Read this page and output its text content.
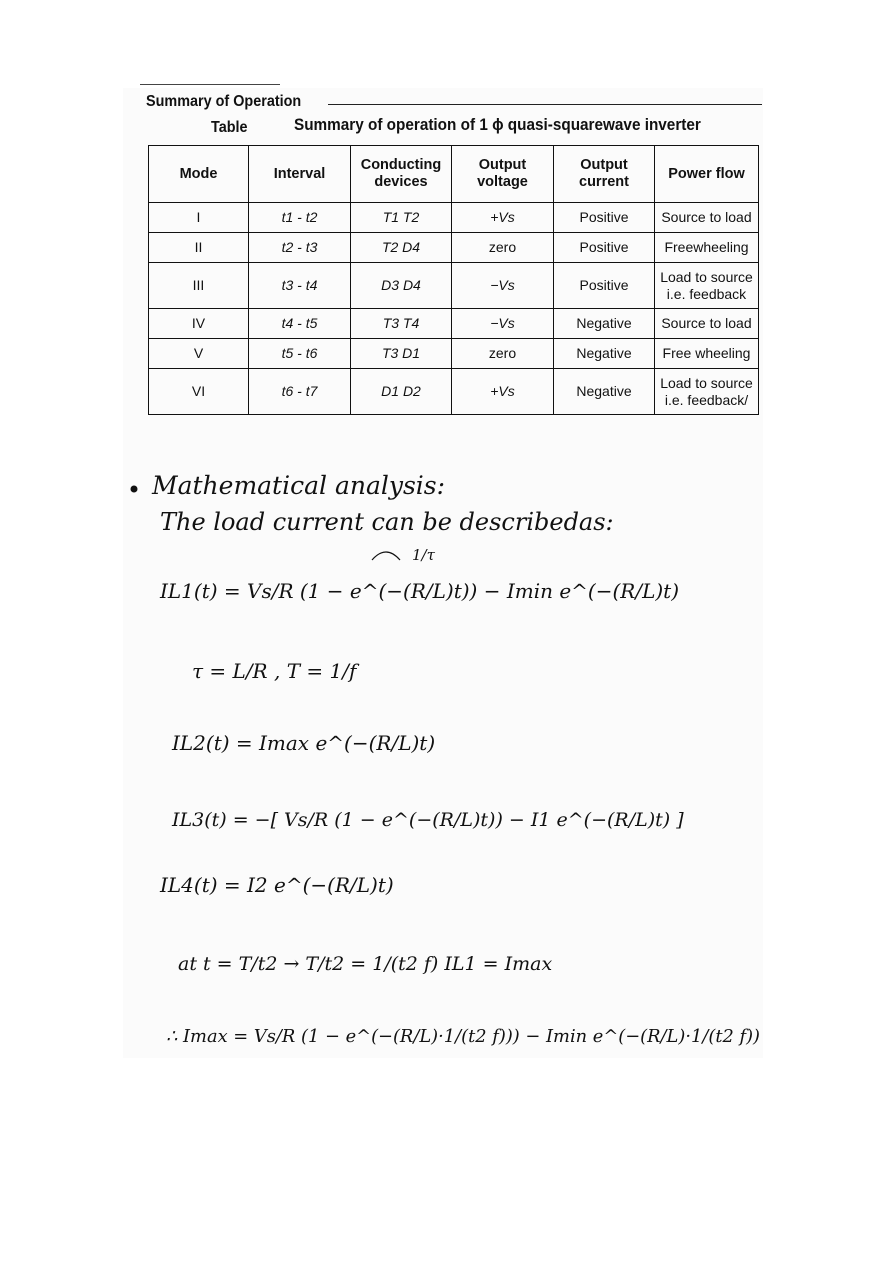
Summary of Operation
Table	Summary of operation of 1 ϕ quasi-squarewave inverter
Mode	Interval	Conducting devices	Output voltage	Output current	Power flow
I	t1 - t2	T1 T2	+Vs	Positive	Source to load
II	t2 - t3	T2 D4	zero	Positive	Freewheeling
III	t3 - t4	D3 D4	−Vs	Positive	Load to source i.e. feedback
IV	t4 - t5	T3 T4	−Vs	Negative	Source to load
V	t5 - t6	T3 D1	zero	Negative	Free wheeling
VI	t6 - t7	D1 D2	+Vs	Negative	Load to source i.e. feedback/
Mathematical analysis:
The load current can be describedas:
IL1(t) = Vs/R (1 − e^(−(R/L)t)) − Imin e^(−(R/L)t)
1/τ
τ = L/R , T = 1/f
IL2(t) = Imax e^(−(R/L)t)
IL3(t) = −[ Vs/R (1 − e^(−(R/L)t)) − I1 e^(−(R/L)t) ]
IL4(t) = I2 e^(−(R/L)t)
at t = T/t2 → T/t2 = 1/(t2 f) IL1 = Imax
∴ Imax = Vs/R (1 − e^(−(R/L)·1/(t2 f))) − Imin e^(−(R/L)·1/(t2 f))
